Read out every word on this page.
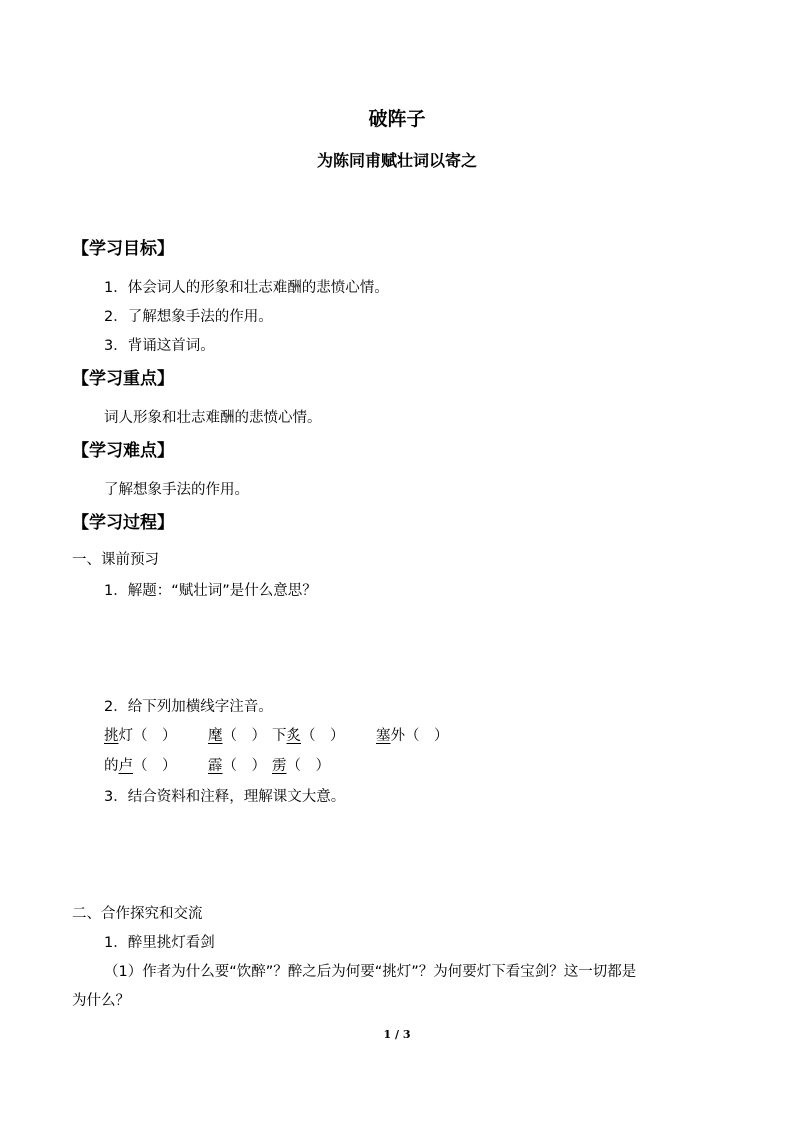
破阵子
为陈同甫赋壮词以寄之
【学习目标】
1．体会词人的形象和壮志难酬的悲愤心情。
2．了解想象手法的作用。
3．背诵这首词。
【学习重点】
词人形象和壮志难酬的悲愤心情。
【学习难点】
了解想象手法的作用。
【学习过程】
一、课前预习
1．解题：“赋壮词”是什么意思？
2．给下列加横线字注音。
挑灯（　） 麾（　） 下炙（　） 塞外（　）
的卢（　） 霹（　） 雳（　）
3．结合资料和注释，理解课文大意。
二、合作探究和交流
1．醉里挑灯看剑
（1）作者为什么要“饮醉”？醉之后为何要“挑灯”？为何要灯下看宝剑？这一切都是
为什么？
1 / 3
